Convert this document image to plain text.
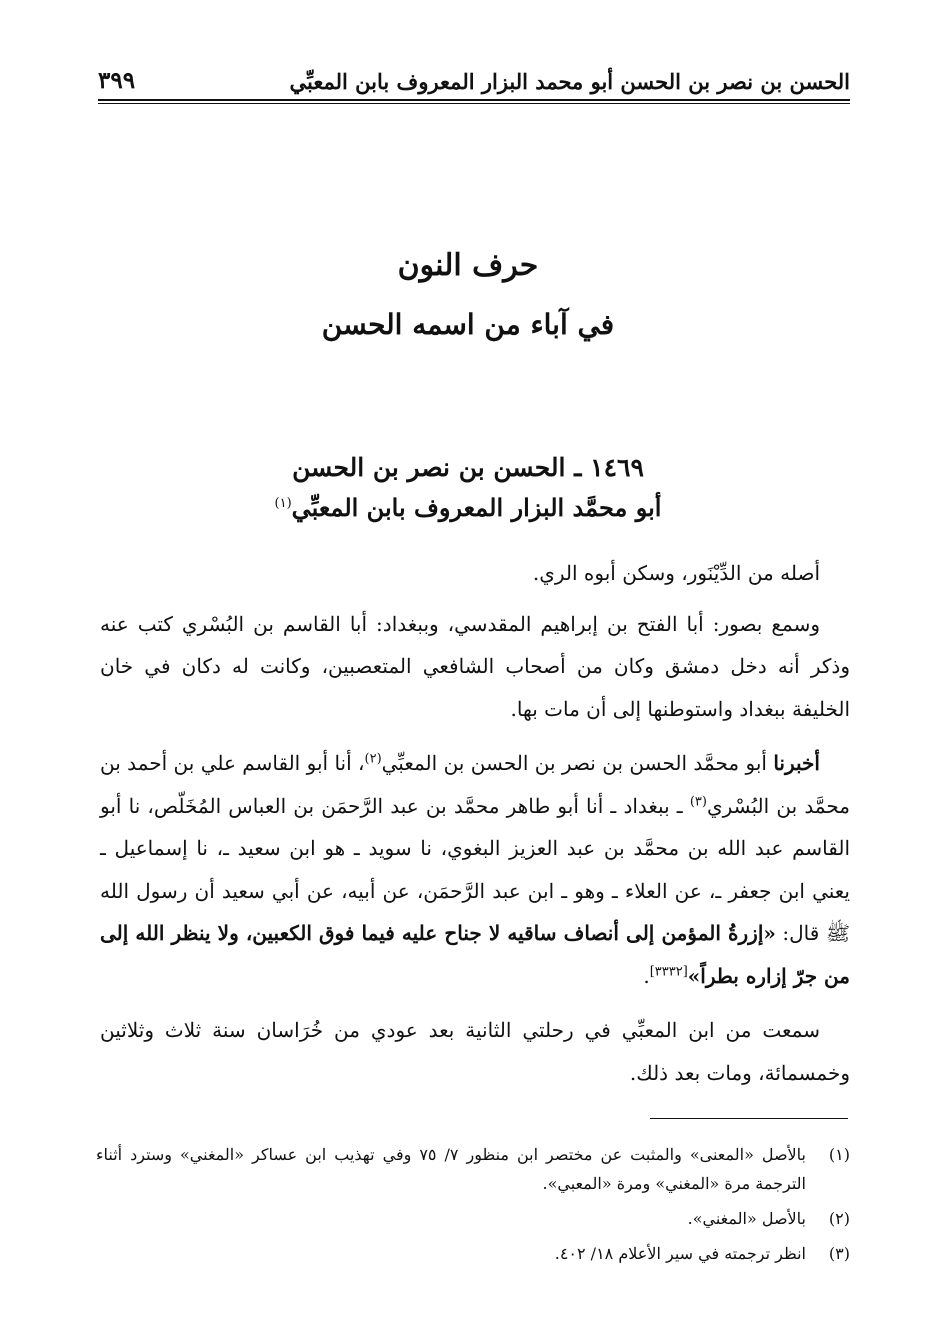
الحسن بن نصر بن الحسن أبو محمد البزار المعروف بابن المعبِّي
٣٩٩
حرف النون
في آباء من اسمه الحسن
١٤٦٩ ـ الحسن بن نصر بن الحسن
أبو محمَّد البزار المعروف بابن المعبِّي$^{(١)}$

أصله من الدِّيْنَور، وسكن أبوه الري.

وسمع بصور: أبا الفتح بن إبراهيم المقدسي، وببغداد: أبا القاسم بن البُسْري كتب عنه وذكر أنه دخل دمشق وكان من أصحاب الشافعي المتعصبين، وكانت له دكان في خان الخليفة ببغداد واستوطنها إلى أن مات بها.

أخبرنا أبو محمَّد الحسن بن نصر بن الحسن بن المعبِّي$^{(٢)}$، أنا أبو القاسم علي بن أحمد بن محمَّد بن البُسْري$^{(٣)}$ ـ ببغداد ـ أنا أبو طاهر محمَّد بن عبد الرَّحمَن بن العباس المُخَلّص، نا أبو القاسم عبد الله بن محمَّد بن عبد العزيز البغوي، نا سويد ـ هو ابن سعيد ـ، نا إسماعيل ـ يعني ابن جعفر ـ، عن العلاء ـ وهو ـ ابن عبد الرَّحمَن، عن أبيه، عن أبي سعيد أن رسول الله ﷺ قال: «إزرةُ المؤمن إلى أنصاف ساقيه لا جناح عليه فيما فوق الكعبين، ولا ينظر الله إلى من جرّ إزاره بطراً»[٣٣٣٢].

سمعت من ابن المعبِّي في رحلتي الثانية بعد عودي من خُرَاسان سنة ثلاث وثلاثين وخمسمائة، ومات بعد ذلك.

(١)
بالأصل «المعنى» والمثبت عن مختصر ابن منظور ٧/ ٧٥ وفي تهذيب ابن عساكر «المغني» وسترد أثناء الترجمة مرة «المغني» ومرة «المعبي».
(٢)
بالأصل «المغني».
(٣)
انظر ترجمته في سير الأعلام ١٨/ ٤٠٢.
